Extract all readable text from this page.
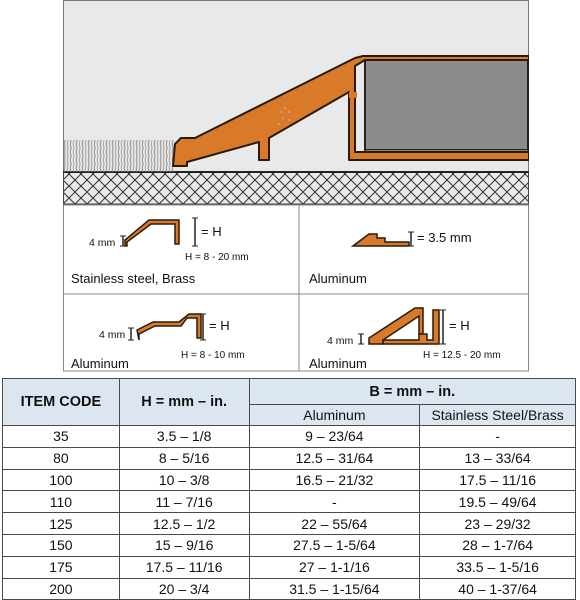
4 mm
= H
H = 8 - 20 mm
Stainless steel, Brass
= 3.5 mm
Aluminum
4 mm
= H
H = 8 - 10 mm
Aluminum
4 mm
= H
H = 12.5 - 20 mm
Aluminum
ITEM CODE	H = mm – in.	B = mm – in.	
		Aluminum	Stainless Steel/Brass
35	3.5 – 1/8	9 – 23/64	-
80	8 – 5/16	12.5 – 31/64	13 – 33/64
100	10 – 3/8	16.5 – 21/32	17.5 – 11/16
110	11 – 7/16	-	19.5 – 49/64
125	12.5 – 1/2	22 – 55/64	23 – 29/32
150	15 – 9/16	27.5 – 1-5/64	28 – 1-7/64
175	17.5 – 11/16	27 – 1-1/16	33.5 – 1-5/16
200	20 – 3/4	31.5 – 1-15/64	40 – 1-37/64
